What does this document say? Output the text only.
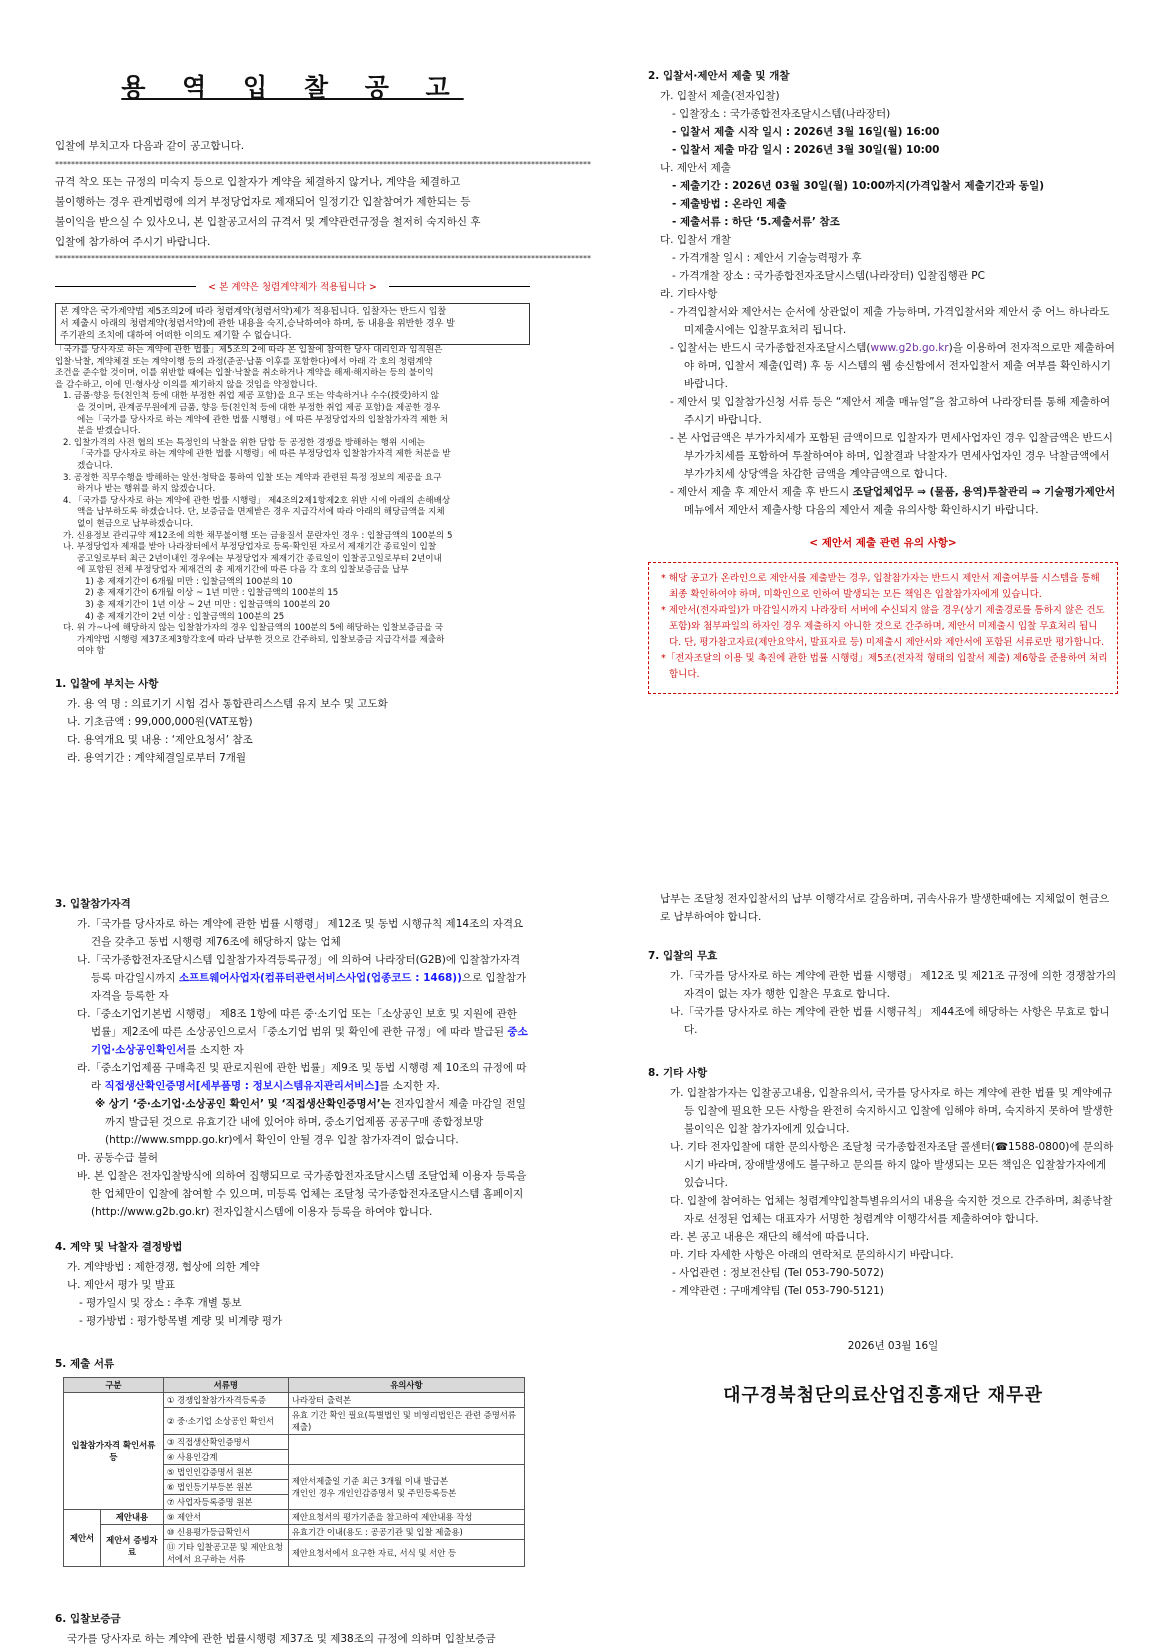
용 역 입 찰 공 고

입찰에 부치고자 다음과 같이 공고합니다.

**************************************************************************************************************************************

규격 착오 또는 규정의 미숙지 등으로 입찰자가 계약을 체결하지 않거나, 계약을 체결하고

불이행하는 경우 관계법령에 의거 부정당업자로 제재되어 일정기간 입찰참여가 제한되는 등

불이익을 받으실 수 있사오니, 본 입찰공고서의 규격서 및 계약관련규정을 철저히 숙지하신 후

입찰에 참가하여 주시기 바랍니다.

**************************************************************************************************************************************
< 본 계약은 청렴계약제가 적용됩니다 >
본 계약은 국가계약법 제5조의2에 따라 청렴계약(청렴서약)제가 적용됩니다. 입찰자는 반드시 입찰
서 제출시 아래의 청렴계약(청렴서약)에 관한 내용을 숙지,승낙하여야 하며, 동 내용을 위반한 경우 발
주기관의 조치에 대하여 어떠한 이의도 제기할 수 없습니다.
「국가를 당사자로 하는 계약에 관한 법률」제5조의 2에 따라 본 입찰에 참여한 당사 대리인과 임직원은
입찰·낙찰, 계약체결 또는 계약이행 등의 과정(준공·납품 이후를 포함한다)에서 아래 각 호의 청렴계약
조건을 준수할 것이며, 이를 위반할 때에는 입찰·낙찰을 취소하거나 계약을 해제·해지하는 등의 불이익
을 감수하고, 이에 민·형사상 이의를 제기하지 않을 것임을 약정합니다.
1. 금품·향응 등(친인척 등에 대한 부정한 취업 제공 포함)을 요구 또는 약속하거나 수수(授受)하지 않
을 것이며, 관계공무원에게 금품, 향응 등(친인척 등에 대한 부정한 취업 제공 포함)을 제공한 경우
에는「국가를 당사자로 하는 계약에 관한 법률 시행령」에 따른 부정당업자의 입찰참가자격 제한 처
분을 받겠습니다.
2. 입찰가격의 사전 협의 또는 특정인의 낙찰을 위한 담합 등 공정한 경쟁을 방해하는 행위 시에는
「국가를 당사자로 하는 계약에 관한 법률 시행령」에 따른 부정당업자 입찰참가자격 제한 처분을 받
겠습니다.
3. 공정한 직무수행을 방해하는 알선·청탁을 통하여 입찰 또는 계약과 관련된 특정 정보의 제공을 요구
하거나 받는 행위를 하지 않겠습니다.
4. 「국가를 당사자로 하는 계약에 관한 법률 시행령」 제4조의2제1항제2호 위반 시에 아래의 손해배상
액을 납부하도록 하겠습니다. 단, 보증금을 면제받은 경우 지급각서에 따라 아래의 해당금액을 지체
없이 현금으로 납부하겠습니다.
가. 신용정보 관리규약 제12조에 의한 채무불이행 또는 금융질서 문란자인 경우 : 입찰금액의 100분의 5
나. 부정당업자 제재를 받아 나라장터에서 부정당업자로 등록·확인된 자로서 제재기간 종료일이 입찰
공고일로부터 최근 2년이내인 경우에는 부정당업자 제재기간 종료일이 입찰공고일로부터 2년이내
에 포함된 전체 부정당업자 제재건의 총 제재기간에 따른 다음 각 호의 입찰보증금을 납부
1) 총 제재기간이 6개월 미만 : 입찰금액의 100분의 10
2) 총 제재기간이 6개월 이상 ~ 1년 미만 : 입찰금액의 100분의 15
3) 총 제재기간이 1년 이상 ~ 2년 미만 : 입찰금액의 100분의 20
4) 총 제재기간이 2년 이상 : 입찰금액의 100분의 25
다. 위 가~나에 해당하지 않는 입찰참가자의 경우 입찰금액의 100분의 5에 해당하는 입찰보증금을 국
가계약법 시행령 제37조제3항각호에 따라 납부한 것으로 간주하되, 입찰보증금 지급각서를 제출하
여야 함
1. 입찰에 부치는 사항

가. 용 역 명 : 의료기기 시험 검사 통합관리스스템 유지 보수 및 고도화

나. 기초금액 : 99,000,000원(VAT포함)

다. 용역개요 및 내용 : ‘제안요청서’ 참조

라. 용역기간 : 계약체결일로부터 7개월

2. 입찰서·제안서 제출 및 개찰

가. 입찰서 제출(전자입찰)

- 입찰장소 : 국가종합전자조달시스템(나라장터)

- 입찰서 제출 시작 일시 : 2026년 3월 16일(월) 16:00

- 입찰서 제출 마감 일시 : 2026년 3월 30일(월) 10:00

나. 제안서 제출

- 제출기간 : 2026년 03월 30일(월) 10:00까지(가격입찰서 제출기간과 동일)

- 제출방법 : 온라인 제출

- 제출서류 : 하단 ‘5.제출서류’ 참조

다. 입찰서 개찰

- 가격개찰 일시 : 제안서 기술능력평가 후

- 가격개찰 장소 : 국가종합전자조달시스템(나라장터) 입찰집행관 PC

라. 기타사항

- 가격입찰서와 제안서는 순서에 상관없이 제출 가능하며, 가격입찰서와 제안서 중 어느 하나라도 미제출시에는 입찰무효처리 됩니다.

- 입찰서는 반드시 국가종합전자조달시스템(www.g2b.go.kr)을 이용하여 전자적으로만 제출하여야 하며, 입찰서 제출(입력) 후 동 시스템의 웹 송신함에서 전자입찰서 제출 여부를 확인하시기 바랍니다.

- 제안서 및 입찰참가신청 서류 등은 “제안서 제출 매뉴얼”을 참고하여 나라장터를 통해 제출하여 주시기 바랍니다.

- 본 사업금액은 부가가치세가 포함된 금액이므로 입찰자가 면세사업자인 경우 입찰금액은 반드시 부가가치세를 포함하여 투찰하여야 하며, 입찰결과 낙찰자가 면세사업자인 경우 낙찰금액에서 부가가치세 상당액을 차감한 금액을 계약금액으로 합니다.

- 제안서 제출 후 제안서 제출 후 반드시 조달업체업무 ⇒ (물품, 용역)투찰관리 ⇒ 기술평가제안서 메뉴에서 제안서 제출사항 다음의 제안서 제출 유의사항 확인하시기 바랍니다.

< 제안서 제출 관련 유의 사항>

* 해당 공고가 온라인으로 제안서를 제출받는 경우, 입찰참가자는 반드시 제안서 제출여부를 시스템을 통해 최종 확인하여야 하며, 미확인으로 인하여 발생되는 모든 책임은 입찰참가자에게 있습니다.

* 제안서(전자파일)가 마감일시까지 나라장터 서버에 수신되지 않을 경우(상기 제출경로를 통하지 않은 건도 포함)와 첨부파일의 하자인 경우 제출하지 아니한 것으로 간주하며, 제안서 미제출시 입찰 무효처리 됩니다. 단, 평가참고자료(제안요약서, 발표자료 등) 미제출시 제안서와 제안서에 포함된 서류로만 평가합니다.

*「전자조달의 이용 및 촉진에 관한 법률 시행령」제5조(전자적 형태의 입찰서 제출) 제6항을 준용하여 처리합니다.

3. 입찰참가자격

가.「국가를 당사자로 하는 계약에 관한 법률 시행령」 제12조 및 동법 시행규칙 제14조의 자격요건을 갖추고 동법 시행령 제76조에 해당하지 않는 업체

나.「국가종합전자조달시스템 입찰참가자격등록규정」에 의하여 나라장터(G2B)에 입찰참가자격등록 마감일시까지 소프트웨어사업자(컴퓨터관련서비스사업(업종코드 : 1468))으로 입찰참가자격을 등록한 자

다.「중소기업기본법 시행령」 제8조 1항에 따른 중·소기업 또는「소상공인 보호 및 지원에 관한 법률」제2조에 따른 소상공인으로서「중소기업 범위 및 확인에 관한 규정」에 따라 발급된 중소기업·소상공인확인서를 소지한 자

라.「중소기업제품 구매촉진 및 판로지원에 관한 법률」제9조 및 동법 시행령 제 10조의 규정에 따라 직접생산확인증명서[세부품명 : 정보시스템유지관리서비스]를 소지한 자.

※ 상기 ‘중·소기업·소상공인 확인서’ 및 ‘직접생산확인증명서’는 전자입찰서 제출 마감일 전일까지 발급된 것으로 유효기간 내에 있어야 하며, 중소기업제품 공공구매 종합정보망(http://www.smpp.go.kr)에서 확인이 안될 경우 입찰 참가자격이 없습니다.

마. 공동수급 불허

바. 본 입찰은 전자입찰방식에 의하여 집행되므로 국가종합전자조달시스템 조달업체 이용자 등록을 한 업체만이 입찰에 참여할 수 있으며, 미등록 업체는 조달청 국가종합전자조달시스템 홈페이지(http://www.g2b.go.kr) 전자입찰시스템에 이용자 등록을 하여야 합니다.

4. 계약 및 낙찰자 결정방법

가. 계약방법 : 제한경쟁, 협상에 의한 계약

나. 제안서 평가 및 발표

- 평가일시 및 장소 : 추후 개별 통보

- 평가방법 : 평가항목별 계량 및 비계량 평가

5. 제출 서류
구분		서류명	유의사항
입찰참가자격 확인서류 등		① 경쟁입찰참가자격등록증	나라장터 출력본
		② 중·소기업 소상공인 확인서	유효 기간 확인 필요(특별법인 및 비영리법인은 관련 증명서류 제출)
		③ 직접생산확인증명서	
		④ 사용인감계	
		⑤ 법인인감증명서 원본	제안서제출일 기준 최근 3개월 이내 발급본
개인인 경우 개인인감증명서 및 주민등록등본

		⑥ 법인등기부등본 원본	
		⑦ 사업자등록증명 원본	
제안서	제안내용	⑨ 제안서	제안요청서의 평가기준을 참고하여 제안내용 작성
	제안서 증빙자료	⑩ 신용평가등급확인서	유효기간 이내(용도 : 공공기관 및 입찰 제출용)
		⑪ 기타 입찰공고문 및 제안요청서에서 요구하는 서류	제안요청서에서 요구한 자료, 서식 및 서안 등
6. 입찰보증금

국가를 당사자로 하는 계약에 관한 법률시행령 제37조 및 제38조의 규정에 의하며 입찰보증금

납부는 조달청 전자입찰서의 납부 이행각서로 갈음하며, 귀속사유가 발생한때에는 지체없이 현금으로 납부하여야 합니다.

7. 입찰의 무효

가.「국가를 당사자로 하는 계약에 관한 법률 시행령」 제12조 및 제21조 규정에 의한 경쟁참가의 자격이 없는 자가 행한 입찰은 무효로 합니다.

나.「국가를 당사자로 하는 계약에 관한 법률 시행규칙」 제44조에 해당하는 사항은 무효로 합니다.

8. 기타 사항

가. 입찰참가자는 입찰공고내용, 입찰유의서, 국가를 당사자로 하는 계약에 관한 법률 및 계약예규 등 입찰에 필요한 모든 사항을 완전히 숙지하시고 입찰에 임해야 하며, 숙지하지 못하여 발생한 불이익은 입찰 참가자에게 있습니다.

나. 기타 전자입찰에 대한 문의사항은 조달청 국가종합전자조달 콜센터(☎1588-0800)에 문의하시기 바라며, 장애발생에도 불구하고 문의를 하지 않아 발생되는 모든 책임은 입찰참가자에게 있습니다.

다. 입찰에 참여하는 업체는 청렴계약입찰특별유의서의 내용을 숙지한 것으로 간주하며, 최종낙찰자로 선정된 업체는 대표자가 서명한 청렴계약 이행각서를 제출하여야 합니다.

라. 본 공고 내용은 재단의 해석에 따릅니다.

마. 기타 자세한 사항은 아래의 연락처로 문의하시기 바랍니다.

- 사업관련 : 정보전산팀 (Tel 053-790-5072)

- 계약관련 : 구매계약팀 (Tel 053-790-5121)

2026년 03월 16일
대구경북첨단의료산업진흥재단 재무관
